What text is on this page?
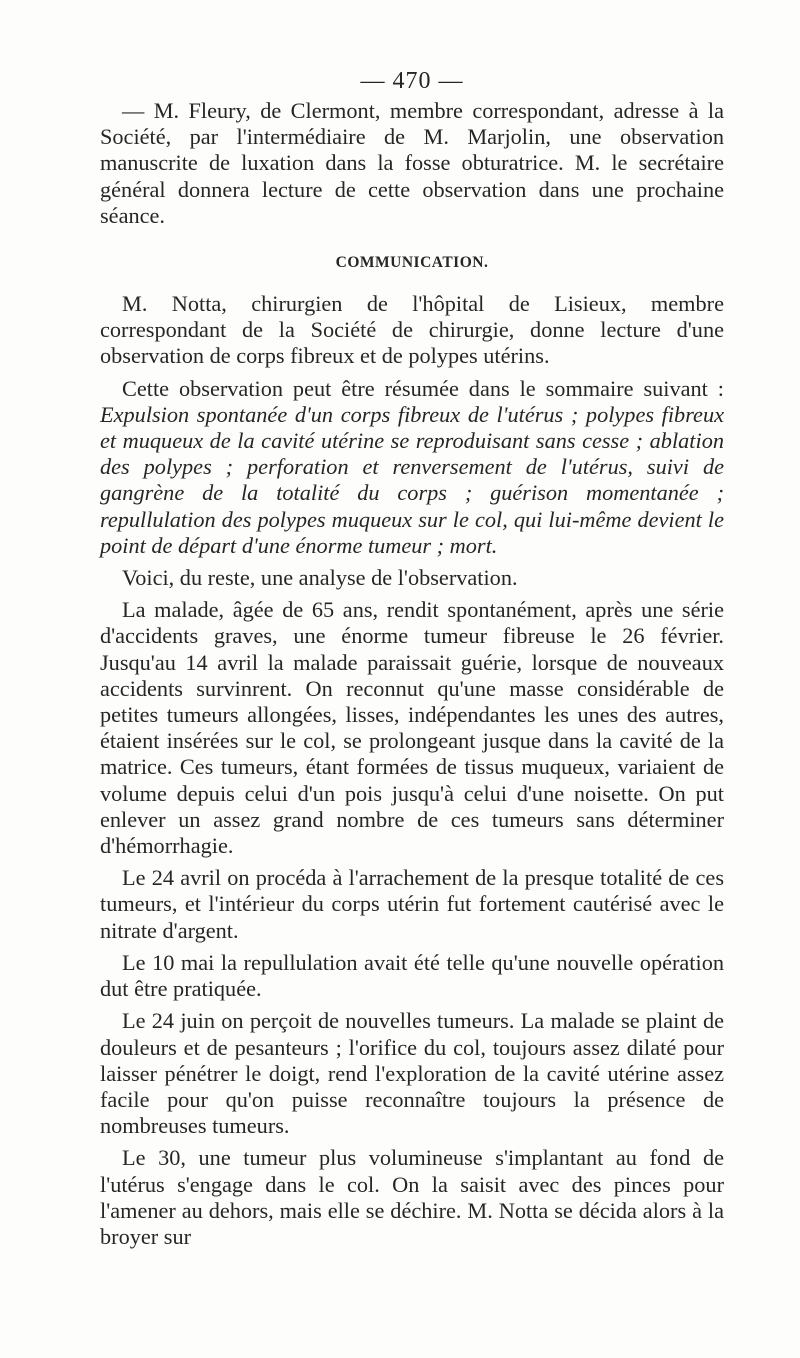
— 470 —

— M. Fleury, de Clermont, membre correspondant, adresse à la Société, par l'intermédiaire de M. Marjolin, une observation manuscrite de luxation dans la fosse obturatrice. M. le secrétaire général donnera lecture de cette observation dans une prochaine séance.

COMMUNICATION.

M. Notta, chirurgien de l'hôpital de Lisieux, membre correspondant de la Société de chirurgie, donne lecture d'une observation de corps fibreux et de polypes utérins.

Cette observation peut être résumée dans le sommaire suivant : Expulsion spontanée d'un corps fibreux de l'utérus ; polypes fibreux et muqueux de la cavité utérine se reproduisant sans cesse ; ablation des polypes ; perforation et renversement de l'utérus, suivi de gangrène de la totalité du corps ; guérison momentanée ; repullulation des polypes muqueux sur le col, qui lui-même devient le point de départ d'une énorme tumeur ; mort.

Voici, du reste, une analyse de l'observation.

La malade, âgée de 65 ans, rendit spontanément, après une série d'accidents graves, une énorme tumeur fibreuse le 26 février. Jusqu'au 14 avril la malade paraissait guérie, lorsque de nouveaux accidents survinrent. On reconnut qu'une masse considérable de petites tumeurs allongées, lisses, indépendantes les unes des autres, étaient insérées sur le col, se prolongeant jusque dans la cavité de la matrice. Ces tumeurs, étant formées de tissus muqueux, variaient de volume depuis celui d'un pois jusqu'à celui d'une noisette. On put enlever un assez grand nombre de ces tumeurs sans déterminer d'hémorrhagie.

Le 24 avril on procéda à l'arrachement de la presque totalité de ces tumeurs, et l'intérieur du corps utérin fut fortement cautérisé avec le nitrate d'argent.

Le 10 mai la repullulation avait été telle qu'une nouvelle opération dut être pratiquée.

Le 24 juin on perçoit de nouvelles tumeurs. La malade se plaint de douleurs et de pesanteurs ; l'orifice du col, toujours assez dilaté pour laisser pénétrer le doigt, rend l'exploration de la cavité utérine assez facile pour qu'on puisse reconnaître toujours la présence de nombreuses tumeurs.

Le 30, une tumeur plus volumineuse s'implantant au fond de l'utérus s'engage dans le col. On la saisit avec des pinces pour l'amener au dehors, mais elle se déchire. M. Notta se décida alors à la broyer sur
